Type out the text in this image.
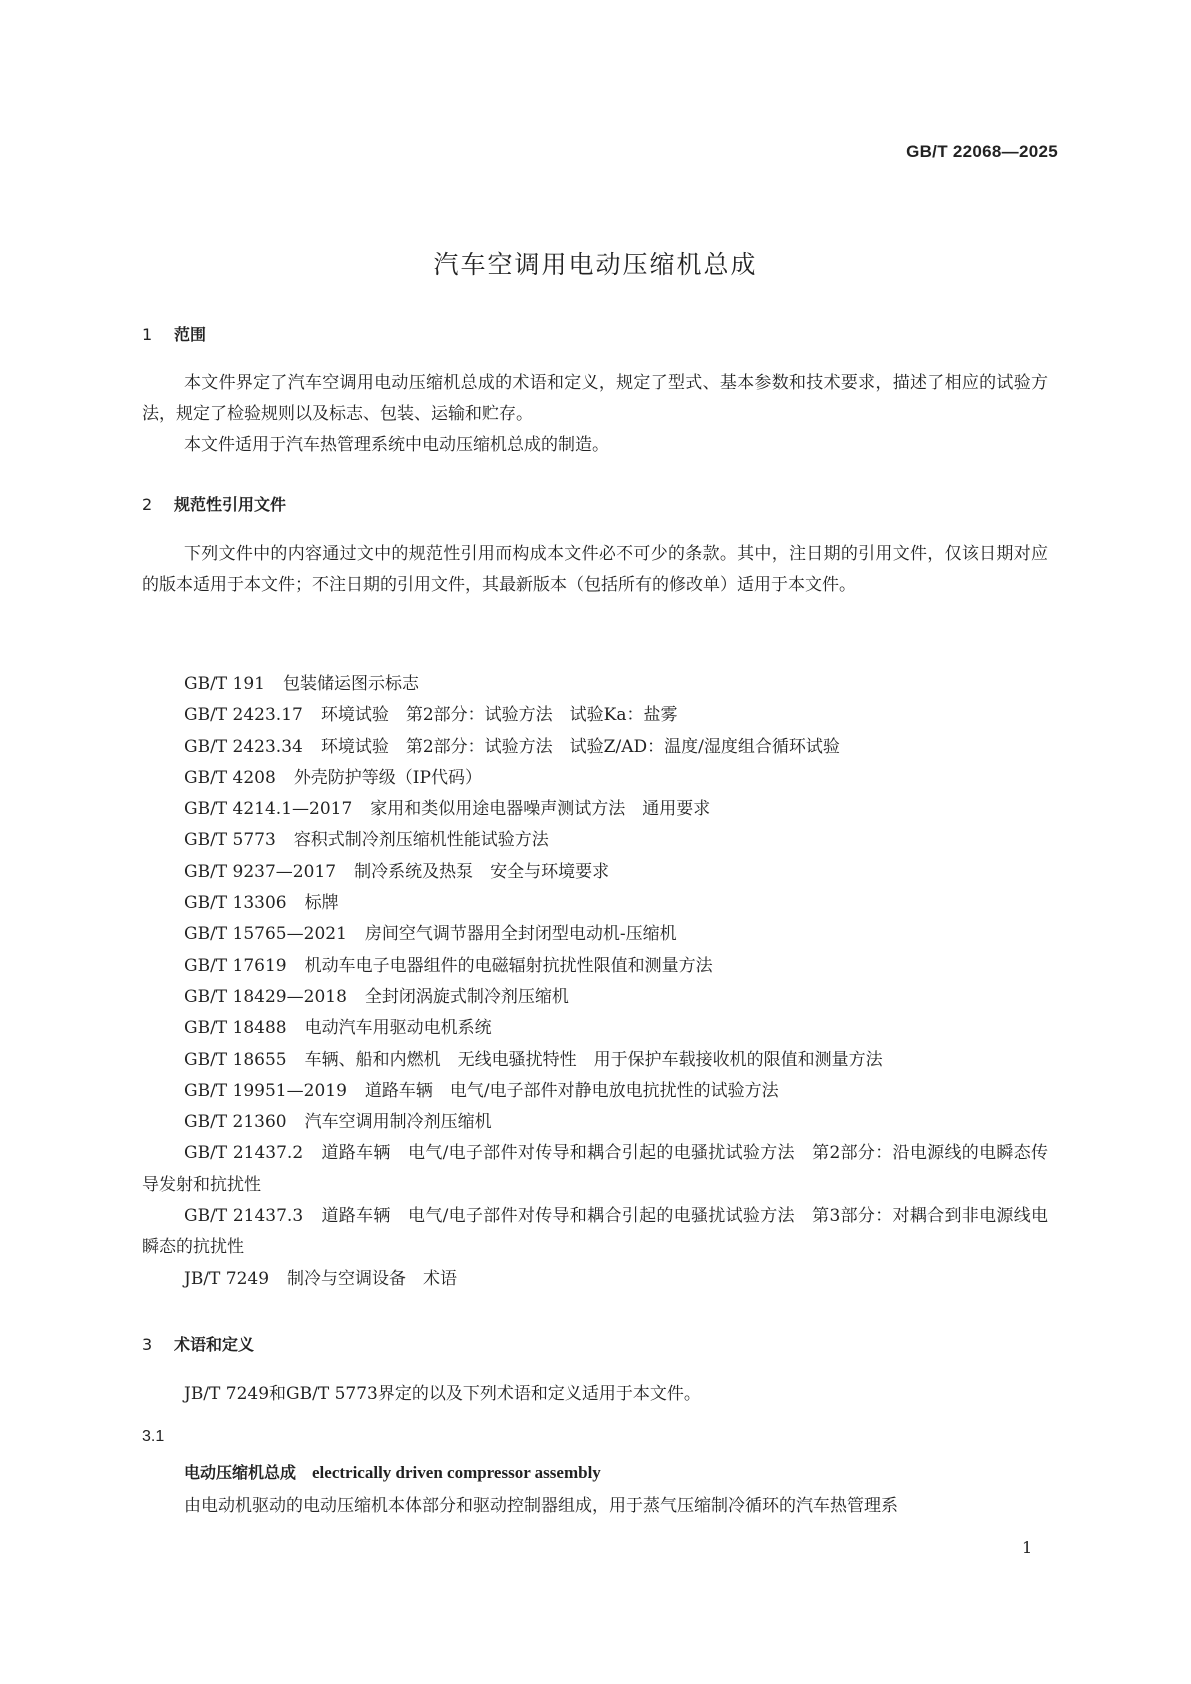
GB/T 22068—2025
汽车空调用电动压缩机总成
1 范围

本文件界定了汽车空调用电动压缩机总成的术语和定义，规定了型式、基本参数和技术要求，描述了相应的试验方法，规定了检验规则以及标志、包装、运输和贮存。

本文件适用于汽车热管理系统中电动压缩机总成的制造。

2 规范性引用文件

下列文件中的内容通过文中的规范性引用而构成本文件必不可少的条款。其中，注日期的引用文件，仅该日期对应的版本适用于本文件；不注日期的引用文件，其最新版本（包括所有的修改单）适用于本文件。

GB/T 191 包装储运图示标志
GB/T 2423.17 环境试验　第2部分：试验方法　试验Ka：盐雾
GB/T 2423.34 环境试验　第2部分：试验方法　试验Z/AD：温度/湿度组合循环试验
GB/T 4208 外壳防护等级（IP代码）
GB/T 4214.1—2017 家用和类似用途电器噪声测试方法　通用要求
GB/T 5773 容积式制冷剂压缩机性能试验方法
GB/T 9237—2017 制冷系统及热泵　安全与环境要求
GB/T 13306 标牌
GB/T 15765—2021 房间空气调节器用全封闭型电动机-压缩机
GB/T 17619 机动车电子电器组件的电磁辐射抗扰性限值和测量方法
GB/T 18429—2018 全封闭涡旋式制冷剂压缩机
GB/T 18488 电动汽车用驱动电机系统
GB/T 18655 车辆、船和内燃机　无线电骚扰特性　用于保护车载接收机的限值和测量方法
GB/T 19951—2019 道路车辆　电气/电子部件对静电放电抗扰性的试验方法
GB/T 21360 汽车空调用制冷剂压缩机
GB/T 21437.2 道路车辆　电气/电子部件对传导和耦合引起的电骚扰试验方法　第2部分：沿电源线的电瞬态传导发射和抗扰性
GB/T 21437.3 道路车辆　电气/电子部件对传导和耦合引起的电骚扰试验方法　第3部分：对耦合到非电源线电瞬态的抗扰性
JB/T 7249 制冷与空调设备　术语
3 术语和定义

JB/T 7249和GB/T 5773界定的以及下列术语和定义适用于本文件。

3.1
电动压缩机总成 electrically driven compressor assembly

由电动机驱动的电动压缩机本体部分和驱动控制器组成，用于蒸气压缩制冷循环的汽车热管理系

1
